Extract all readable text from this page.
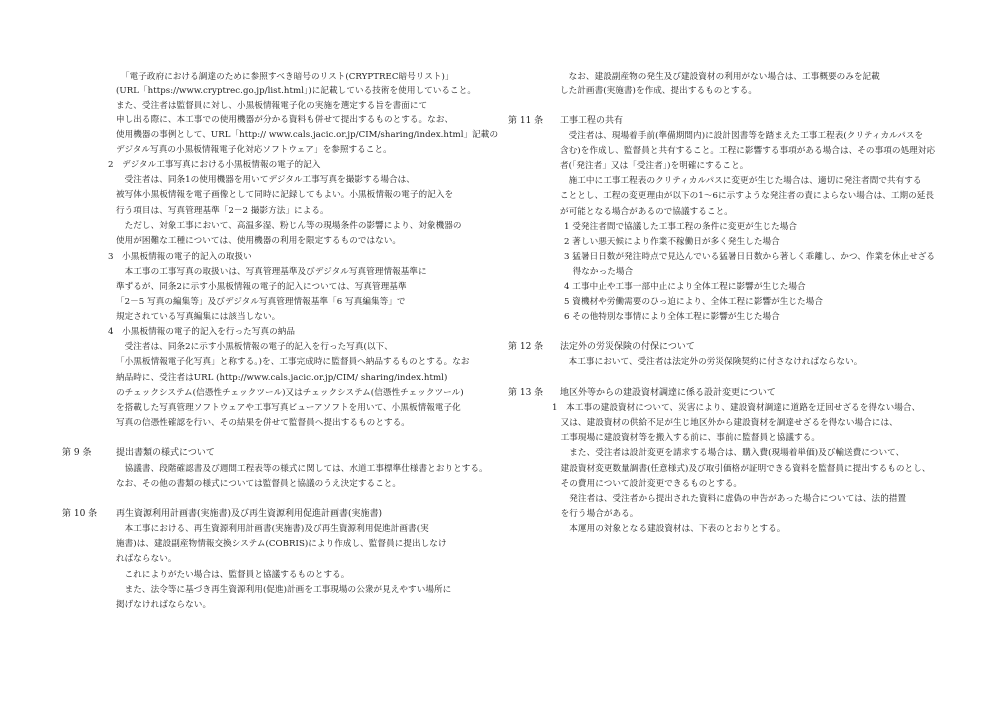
「電子政府における調達のために参照すべき暗号のリスト(CRYPTREC暗号リスト)」
(URL「https://www.cryptrec.go.jp/list.html」)に記載している技術を使用していること。
また、受注者は監督員に対し、小黒板情報電子化の実施を選定する旨を書面にて
申し出る際に、本工事での使用機器が分かる資料も併せて提出するものとする。なお、
使用機器の事例として、URL「http:// www.cals.jacic.or.jp/CIM/sharing/index.html」記載の
デジタル写真の小黒板情報電子化対応ソフトウェア」を参照すること。
2　デジタル工事写真における小黒板情報の電子的記入
　受注者は、同条1の使用機器を用いてデジタル工事写真を撮影する場合は、
被写体小黒板情報を電子画像として同時に記録してもよい。小黒板情報の電子的記入を
行う項目は、写真管理基準「2－2 撮影方法」による。
　ただし、対象工事において、高温多湿、粉じん等の現場条件の影響により、対象機器の
使用が困難な工種については、使用機器の利用を限定するものではない。
3　小黒板情報の電子的記入の取扱い
　本工事の工事写真の取扱いは、写真管理基準及びデジタル写真管理情報基準に
準ずるが、同条2に示す小黒板情報の電子的記入については、写真管理基準
「2－5 写真の編集等」及びデジタル写真管理情報基準「6 写真編集等」で
規定されている写真編集には該当しない。
4　小黒板情報の電子的記入を行った写真の納品
　受注者は、同条2に示す小黒板情報の電子的記入を行った写真(以下、
「小黒板情報電子化写真」と称する。)を、工事完成時に監督員へ納品するものとする。なお
納品時に、受注者はURL (http://www.cals.jacic.or.jp/CIM/ sharing/index.html)
のチェックシステム(信憑性チェックツール)又はチェックシステム(信憑性チェックツール)
を搭載した写真管理ソフトウェアや工事写真ビューアソフトを用いて、小黒板情報電子化
写真の信憑性確認を行い、その結果を併せて監督員へ提出するものとする。
第 9 条	提出書類の様式について
　協議書、段階確認書及び週間工程表等の様式に関しては、水道工事標準仕様書とおりとする。
なお、その他の書類の様式については監督員と協議のうえ決定すること。
第 10 条 再生資源利用計画書(実施書)及び再生資源利用促進計画書(実施書)
　本工事における、再生資源利用計画書(実施書)及び再生資源利用促進計画書(実
施書)は、建設副産物情報交換システム(COBRIS)により作成し、監督員に提出しなけ
ればならない。
　これによりがたい場合は、監督員と協議するものとする。
　また、法令等に基づき再生資源利用(促進)計画を工事現場の公衆が見えやすい場所に
掲げなければならない。
　なお、建設副産物の発生及び建設資材の利用がない場合は、工事概要のみを記載
した計画書(実施書)を作成、提出するものとする。
第 11 条 工事工程の共有
　受注者は、現場着手前(準備期間内)に設計図書等を踏まえた工事工程表(クリティカルパスを
含む)を作成し、監督員と共有すること。工程に影響する事項がある場合は、その事項の処理対応
者(「発注者」又は「受注者」)を明確にすること。
　施工中に工事工程表のクリティカルパスに変更が生じた場合は、適切に発注者間で共有する
こととし、工程の変更理由が以下の1～6に示すような発注者の責によらない場合は、工期の延長
が可能となる場合があるので協議すること。
1 受発注者間で協議した工事工程の条件に変更が生じた場合
2 著しい悪天候により作業不稼働日が多く発生した場合
3 猛暑日日数が発注時点で見込んでいる猛暑日日数から著しく乖離し、かつ、作業を休止せざる
　得なかった場合
4 工事中止や工事一部中止により全体工程に影響が生じた場合
5 資機材や労働需要のひっ迫により、全体工程に影響が生じた場合
6 その他特別な事情により全体工程に影響が生じた場合
第 12 条 法定外の労災保険の付保について
　本工事において、受注者は法定外の労災保険契約に付さなければならない。
第 13 条 地区外等からの建設資材調達に係る設計変更について
1　本工事の建設資材について、災害により、建設資材調達に道路を迂回せざるを得ない場合、
　又は、建設資材の供給不足が生じ地区外から建設資材を調達せざるを得ない場合には、
　工事現場に建設資材等を搬入する前に、事前に監督員と協議する。
　　また、受注者は設計変更を請求する場合は、購入費(現場着単価)及び輸送費について、
　建設資材変更数量調書(任意様式)及び取引価格が証明できる資料を監督員に提出するものとし、
　その費用について設計変更できるものとする。
　　発注者は、受注者から提出された資料に虚偽の申告があった場合については、法的措置
　を行う場合がある。
　　本運用の対象となる建設資材は、下表のとおりとする。
